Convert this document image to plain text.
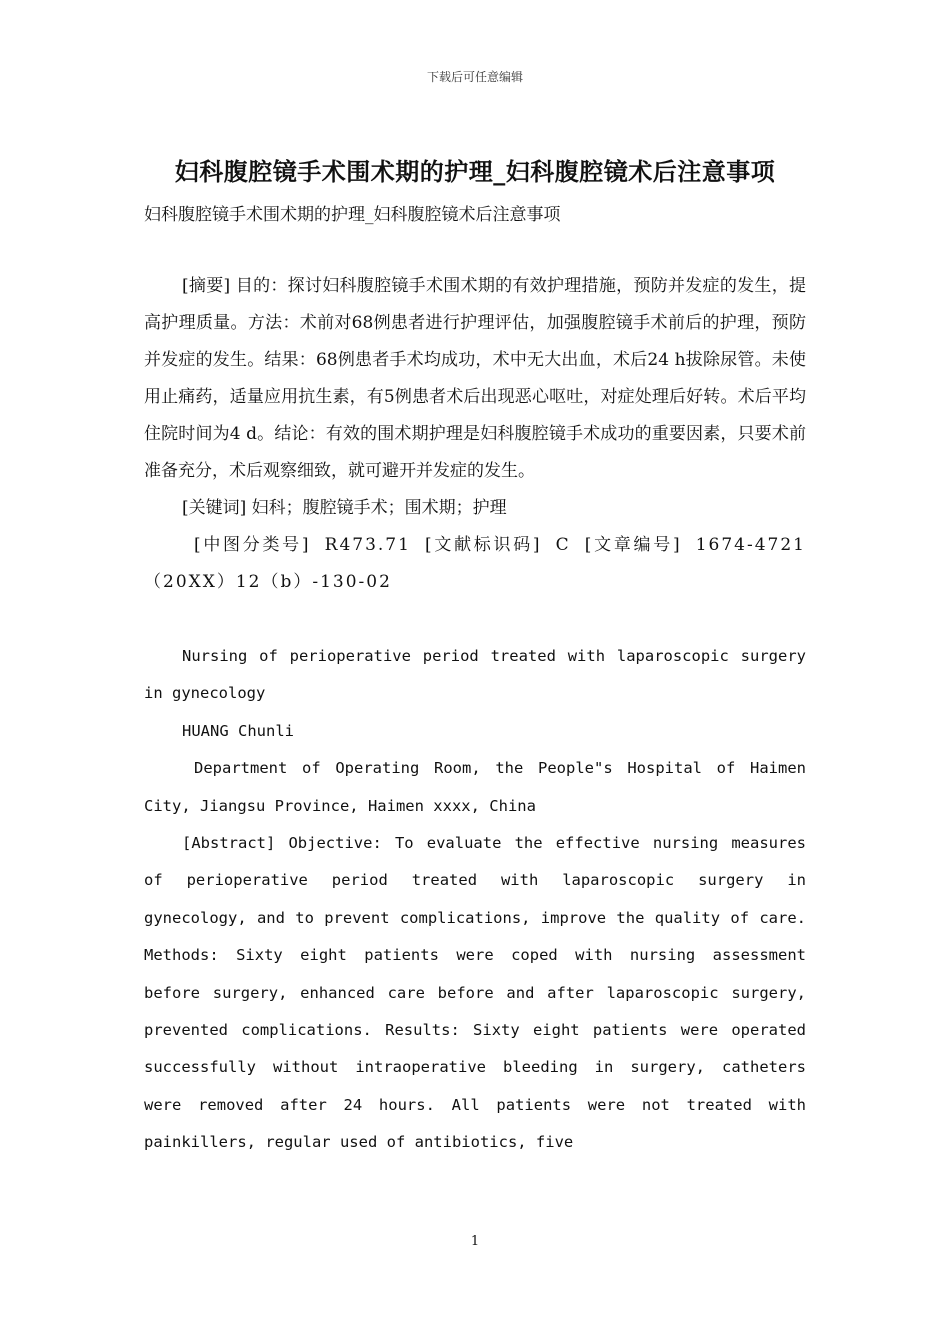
下载后可任意编辑
妇科腹腔镜手术围术期的护理_妇科腹腔镜术后注意事项
妇科腹腔镜手术围术期的护理_妇科腹腔镜术后注意事项

[摘要] 目的：探讨妇科腹腔镜手术围术期的有效护理措施，预防并发症的发生，提高护理质量。方法：术前对68例患者进行护理评估，加强腹腔镜手术前后的护理，预防并发症的发生。结果：68例患者手术均成功，术中无大出血，术后24 h拔除尿管。未使用止痛药，适量应用抗生素，有5例患者术后出现恶心呕吐，对症处理后好转。术后平均住院时间为4 d。结论：有效的围术期护理是妇科腹腔镜手术成功的重要因素，只要术前准备充分，术后观察细致，就可避开并发症的发生。

[关键词] 妇科；腹腔镜手术；围术期；护理

[中图分类号] R473.71 [文献标识码] C [文章编号] 1674-4721（20XX）12（b）-130-02

Nursing of perioperative period treated with laparoscopic surgery in gynecology

HUANG Chunli

Department of Operating Room, the People"s Hospital of Haimen City, Jiangsu Province, Haimen xxxx, China

[Abstract] Objective: To evaluate the effective nursing measures of perioperative period treated with laparoscopic surgery in gynecology, and to prevent complications, improve the quality of care. Methods: Sixty eight patients were coped with nursing assessment before surgery, enhanced care before and after laparoscopic surgery, prevented complications. Results: Sixty eight patients were operated successfully without intraoperative bleeding in surgery, catheters were removed after 24 hours. All patients were not treated with painkillers, regular used of antibiotics, five

1
